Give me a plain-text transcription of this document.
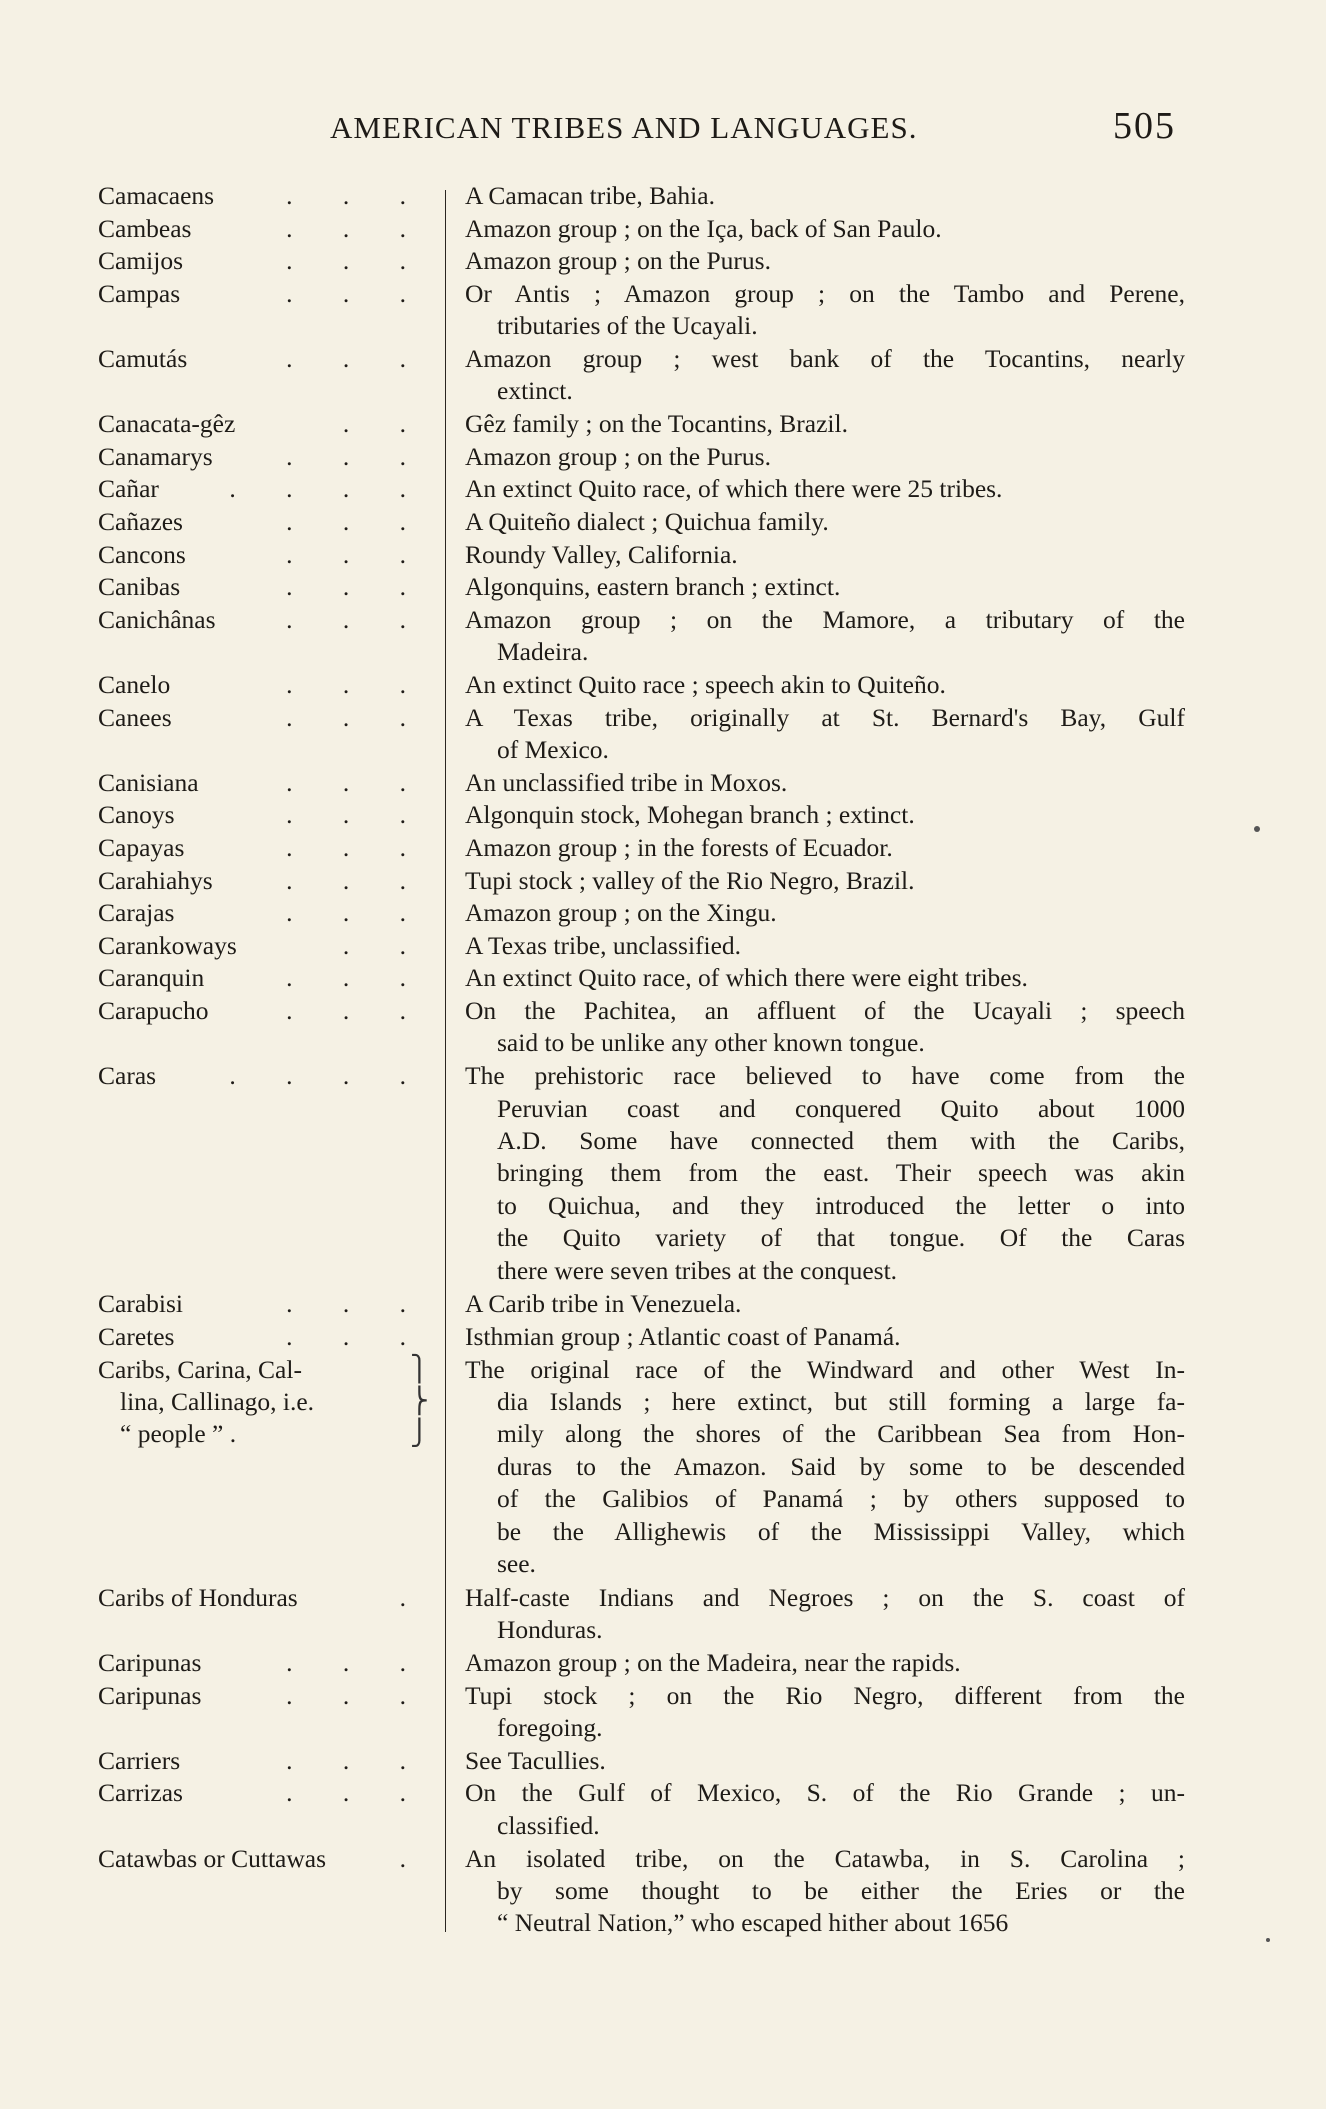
AMERICAN TRIBES AND LANGUAGES.	505
Camacaens	. . . A Camacan tribe, Bahia.
Cambeas	. . . Amazon group ; on the Iça, back of San Paulo.
Camijos	. . . Amazon group ; on the Purus.
Campas	. . . Or Antis ; Amazon group ; on the Tambo and Perene,
tributaries of the Ucayali.
Camutás	. . . Amazon group ; west bank of the Tocantins, nearly
extinct.
Canacata-gêz	. . Gêz family ; on the Tocantins, Brazil.
Canamarys	. . . Amazon group ; on the Purus.
Cañar	. . . . An extinct Quito race, of which there were 25 tribes.
Cañazes	. . . A Quiteño dialect ; Quichua family.
Cancons	. . . Roundy Valley, California.
Canibas	. . . Algonquins, eastern branch ; extinct.
Canichânas	. . . Amazon group ; on the Mamore, a tributary of the
Madeira.
Canelo	. . . An extinct Quito race ; speech akin to Quiteño.
Canees	. . . A Texas tribe, originally at St. Bernard's Bay, Gulf
of Mexico.
Canisiana	. . . An unclassified tribe in Moxos.
Canoys	. . . Algonquin stock, Mohegan branch ; extinct.
Capayas	. . . Amazon group ; in the forests of Ecuador.
Carahiahys	. . . Tupi stock ; valley of the Rio Negro, Brazil.
Carajas	. . . Amazon group ; on the Xingu.
Carankoways	. . A Texas tribe, unclassified.
Caranquin	. . . An extinct Quito race, of which there were eight tribes.
Carapucho	. . . On the Pachitea, an affluent of the Ucayali ; speech
said to be unlike any other known tongue.
Caras	. . . . The prehistoric race believed to have come from the
Peruvian coast and conquered Quito about 1000
A.D. Some have connected them with the Caribs,
bringing them from the east. Their speech was akin
to Quichua, and they introduced the letter o into
the Quito variety of that tongue. Of the Caras
there were seven tribes at the conquest.
Carabisi	. . . A Carib tribe in Venezuela.
Caretes	. . . Isthmian group ; Atlantic coast of Panamá.
Caribs, Carina, Cal-
lina, Callinago, i.e.
“ people ” .
⎫
⎬
⎭
The original race of the Windward and other West In-
dia Islands ; here extinct, but still forming a large fa-
mily along the shores of the Caribbean Sea from Hon-
duras to the Amazon. Said by some to be descended
of the Galibios of Panamá ; by others supposed to
be the Allighewis of the Mississippi Valley, which
see.
Caribs of Honduras	. Half-caste Indians and Negroes ; on the S. coast of
Honduras.
Caripunas	. . . Amazon group ; on the Madeira, near the rapids.
Caripunas	. . . Tupi stock ; on the Rio Negro, different from the
foregoing.
Carriers	. . . See Tacullies.
Carrizas	. . . On the Gulf of Mexico, S. of the Rio Grande ; un-
classified.
Catawbas or Cuttawas	. An isolated tribe, on the Catawba, in S. Carolina ;
by some thought to be either the Eries or the
“ Neutral Nation,” who escaped hither about 1656
